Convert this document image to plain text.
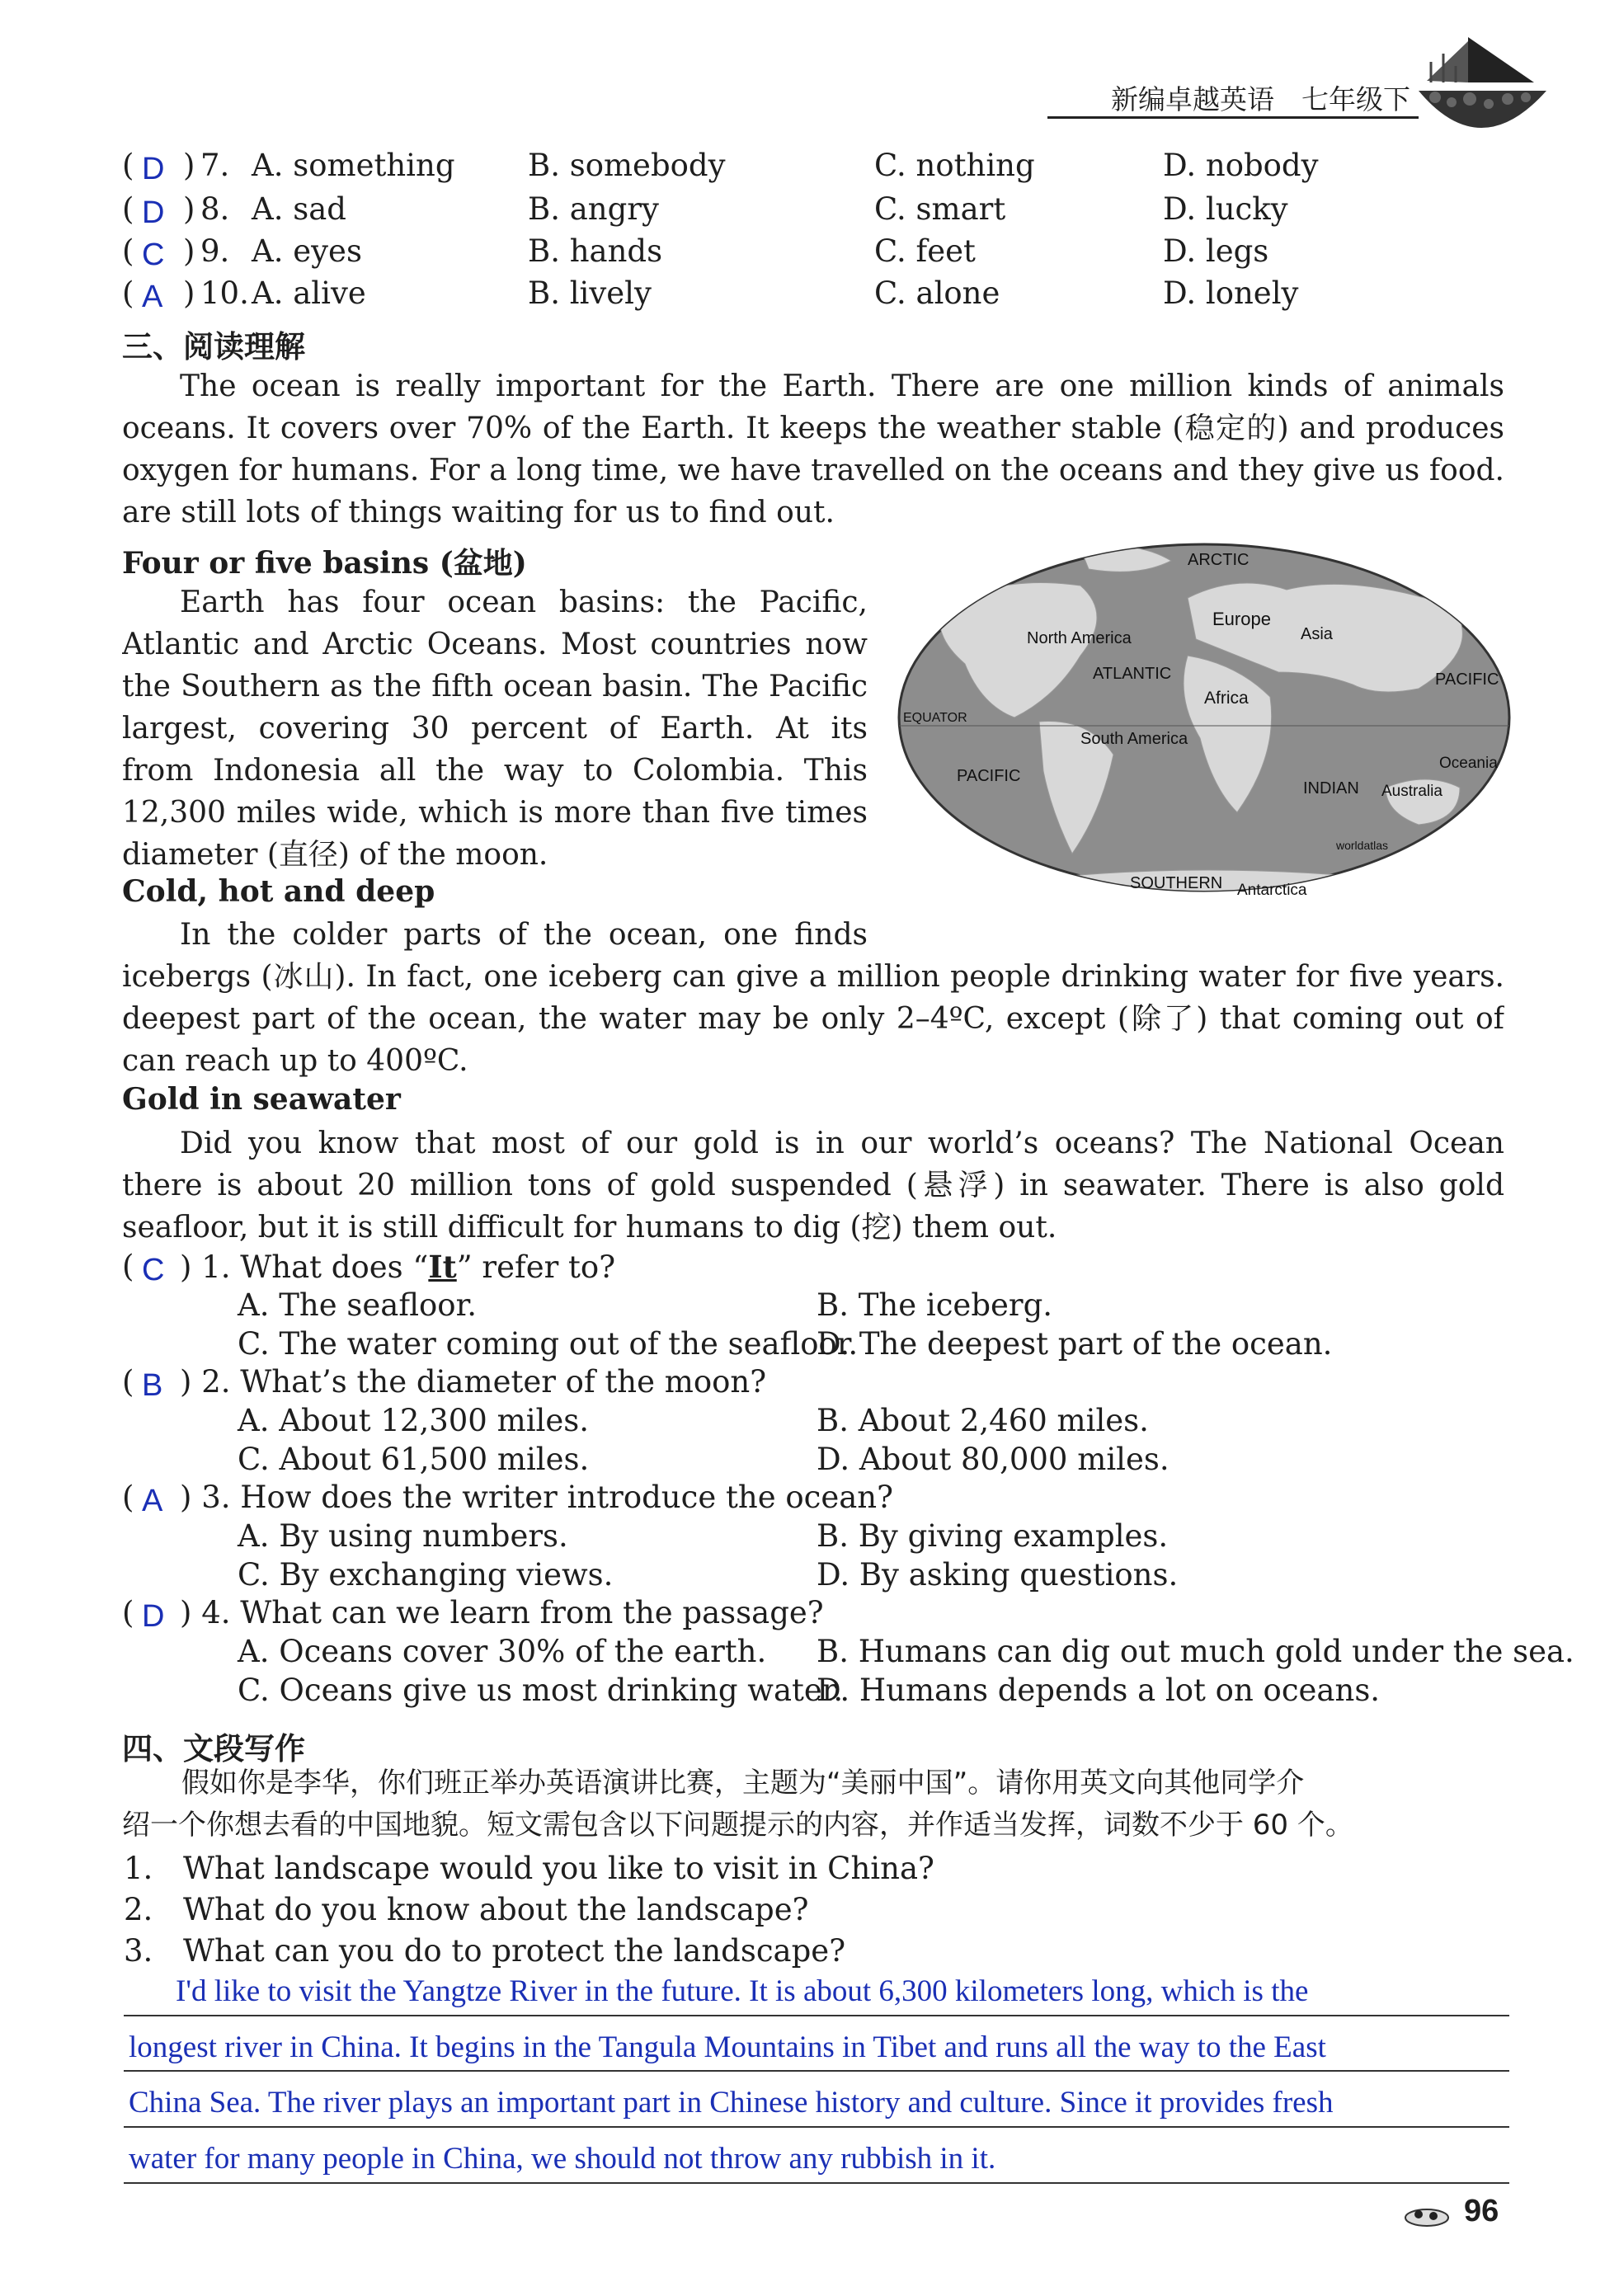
新编卓越英语　七年级下
( D ) 7. A. something B. somebody	C. nothing	D. nobody
( D ) 8. A. sad	B. angry	C. smart	D. lucky
( C ) 9. A. eyes	B. hands	C. feet	D. legs
( A ) 10. A. alive	B. lively	C. alone	D. lonely
三、阅读理解
The ocean is really important for the Earth. There are one million kinds of animals
oceans. It covers over 70% of the Earth. It keeps the weather stable (稳定的) and produces
oxygen for humans. For a long time, we have travelled on the oceans and they give us food.
are still lots of things waiting for us to find out.
Four or five basins (盆地)
Earth has four ocean basins: the Pacific,
Atlantic and Arctic Oceans. Most countries now
the Southern as the fifth ocean basin. The Pacific
largest, covering 30 percent of Earth. At its
from Indonesia all the way to Colombia. This
12,300 miles wide, which is more than five times
diameter (直径) of the moon.
ARCTIC
North America
Europe
Asia
ATLANTIC	PACIFIC
Africa
EQUATOR
South America
Oceania
PACIFIC
INDIAN Australia
worldatlas
SOUTHERN Antarctica
Cold, hot and deep
In the colder parts of the ocean, one finds
icebergs (冰山). In fact, one iceberg can give a million people drinking water for five years.
deepest part of the ocean, the water may be only 2–4ºC, except (除了) that coming out of
can reach up to 400ºC.
Gold in seawater
Did you know that most of our gold is in our world’s oceans? The National Ocean
there is about 20 million tons of gold suspended (悬浮) in seawater. There is also gold
seafloor, but it is still difficult for humans to dig (挖) them out.
( C ) 1. What does “It” refer to?
A. The seafloor.	B. The iceberg.
C. The water coming out of the seafloor.
D. The deepest part of the ocean.
( B ) 2. What’s the diameter of the moon?
A. About 12,300 miles.	B. About 2,460 miles.
C. About 61,500 miles.	D. About 80,000 miles.
( A ) 3. How does the writer introduce the ocean?
A. By using numbers.	B. By giving examples.
C. By exchanging views.	D. By asking questions.
( D ) 4. What can we learn from the passage?
A. Oceans cover 30% of the earth. B. Humans can dig out much gold under the sea.
C. Oceans give us most drinking water.
D. Humans depends a lot on oceans.
四、文段写作
假如你是李华，你们班正举办英语演讲比赛，主题为“美丽中国”。请你用英文向其他同学介
绍一个你想去看的中国地貌。短文需包含以下问题提示的内容，并作适当发挥，词数不少于 60 个。
1. What landscape would you like to visit in China?
2. What do you know about the landscape?
3. What can you do to protect the landscape?
I'd like to visit the Yangtze River in the future. It is about 6,300 kilometers long, which is the
longest river in China. It begins in the Tangula Mountains in Tibet and runs all the way to the East
China Sea. The river plays an important part in Chinese history and culture. Since it provides fresh
water for many people in China, we should not throw any rubbish in it.
96
